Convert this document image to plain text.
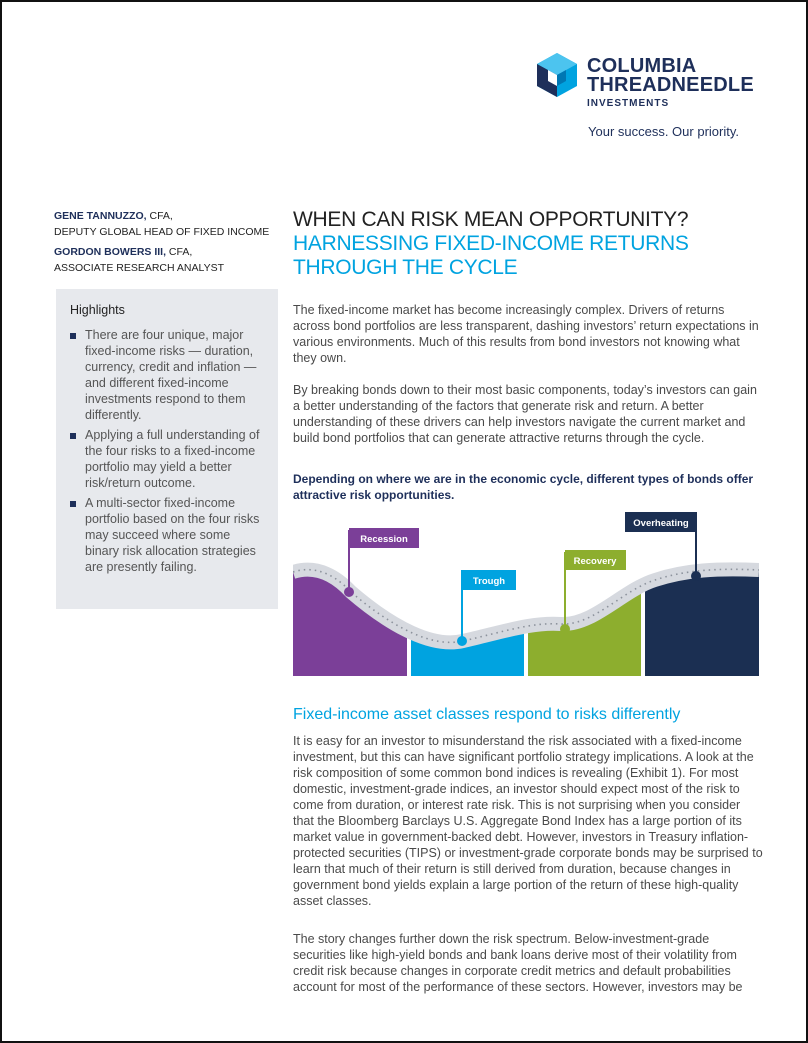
COLUMBIA
THREADNEEDLE
INVESTMENTS
Your success. Our priority.
GENE TANNUZZO, CFA,
DEPUTY GLOBAL HEAD OF FIXED INCOME
GORDON BOWERS III, CFA,
ASSOCIATE RESEARCH ANALYST
Highlights
There are four unique, major fixed-income risks — duration, currency, credit and inflation — and different fixed-income investments respond to them differently.
Applying a full understanding of the four risks to a fixed-income portfolio may yield a better risk/return outcome.
A multi-sector fixed-income portfolio based on the four risks may succeed where some binary risk allocation strategies are presently failing.
WHEN CAN RISK MEAN OPPORTUNITY?
HARNESSING FIXED-INCOME RETURNS
THROUGH THE CYCLE
The fixed-income market has become increasingly complex. Drivers of returns across bond portfolios are less transparent, dashing investors’ return expectations in various environments. Much of this results from bond investors not knowing what they own.
By breaking bonds down to their most basic components, today’s investors can gain a better understanding of the factors that generate risk and return. A better understanding of these drivers can help investors navigate the current market and build bond portfolios that can generate attractive returns through the cycle.
Depending on where we are in the economic cycle, different types of bonds offer attractive risk opportunities.
Recession
Trough
Recovery
Overheating
Fixed-income asset classes respond to risks differently
It is easy for an investor to misunderstand the risk associated with a fixed-income investment, but this can have significant portfolio strategy implications. A look at the risk composition of some common bond indices is revealing (Exhibit 1). For most domestic, investment-grade indices, an investor should expect most of the risk to come from duration, or interest rate risk. This is not surprising when you consider that the Bloomberg Barclays U.S. Aggregate Bond Index has a large portion of its market value in government-backed debt. However, investors in Treasury inflation-protected securities (TIPS) or investment-grade corporate bonds may be surprised to learn that much of their return is still derived from duration, because changes in government bond yields explain a large portion of the return of these high-quality asset classes.
The story changes further down the risk spectrum. Below-investment-grade securities like high-yield bonds and bank loans derive most of their volatility from credit risk because changes in corporate credit metrics and default probabilities account for most of the performance of these sectors. However, investors may be
